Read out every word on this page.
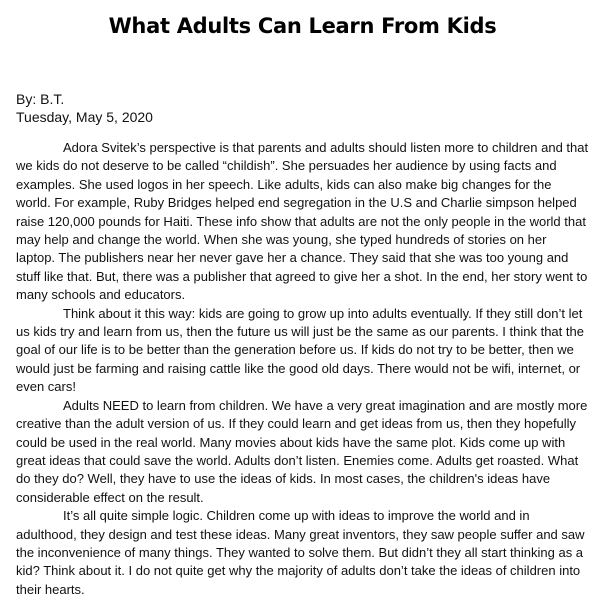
What Adults Can Learn From Kids
By: B.T.
Tuesday, May 5, 2020

Adora Svitek’s perspective is that parents and adults should listen more to children and that we kids do not deserve to be called “childish”. She persuades her audience by using facts and examples. She used logos in her speech. Like adults, kids can also make big changes for the world. For example, Ruby Bridges helped end segregation in the U.S and Charlie simpson helped raise 120,000 pounds for Haiti. These info show that adults are not the only people in the world that may help and change the world. When she was young, she typed hundreds of stories on her laptop. The publishers near her never gave her a chance. They said that she was too young and stuff like that. But, there was a publisher that agreed to give her a shot. In the end, her story went to many schools and educators.

Think about it this way: kids are going to grow up into adults eventually. If they still don’t let us kids try and learn from us, then the future us will just be the same as our parents. I think that the goal of our life is to be better than the generation before us. If kids do not try to be better, then we would just be farming and raising cattle like the good old days. There would not be wifi, internet, or even cars!

Adults NEED to learn from children. We have a very great imagination and are mostly more creative than the adult version of us. If they could learn and get ideas from us, then they hopefully could be used in the real world. Many movies about kids have the same plot. Kids come up with great ideas that could save the world. Adults don’t listen. Enemies come. Adults get roasted. What do they do? Well, they have to use the ideas of kids. In most cases, the children's ideas have considerable effect on the result.

It’s all quite simple logic. Children come up with ideas to improve the world and in adulthood, they design and test these ideas. Many great inventors, they saw people suffer and saw the inconvenience of many things. They wanted to solve them. But didn’t they all start thinking as a kid? Think about it. I do not quite get why the majority of adults don’t take the ideas of children into their hearts.
